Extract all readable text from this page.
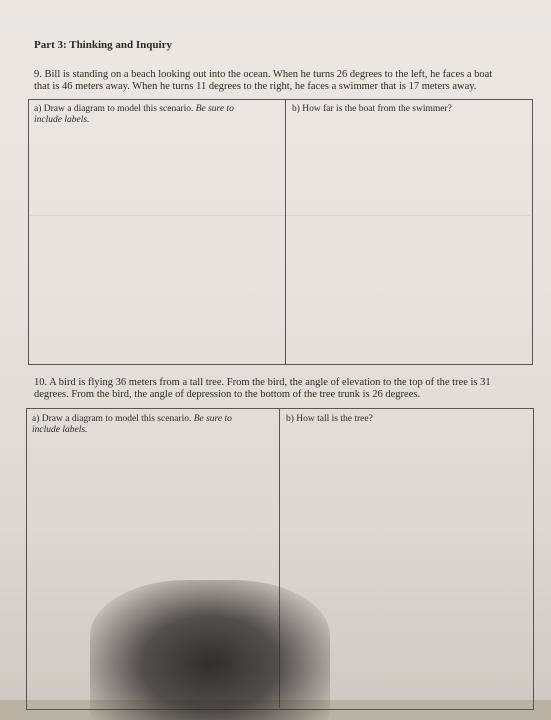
Part 3: Thinking and Inquiry
9. Bill is standing on a beach looking out into the ocean. When he turns 26 degrees to the left, he faces a boat
that is 46 meters away. When he turns 11 degrees to the right, he faces a swimmer that is 17 meters away.
a) Draw a diagram to model this scenario. Be sure to
include labels.
b) How far is the boat from the swimmer?
10. A bird is flying 36 meters from a tall tree. From the bird, the angle of elevation to the top of the tree is 31
degrees. From the bird, the angle of depression to the bottom of the tree trunk is 26 degrees.
a) Draw a diagram to model this scenario. Be sure to
include labels.
b) How tall is the tree?
